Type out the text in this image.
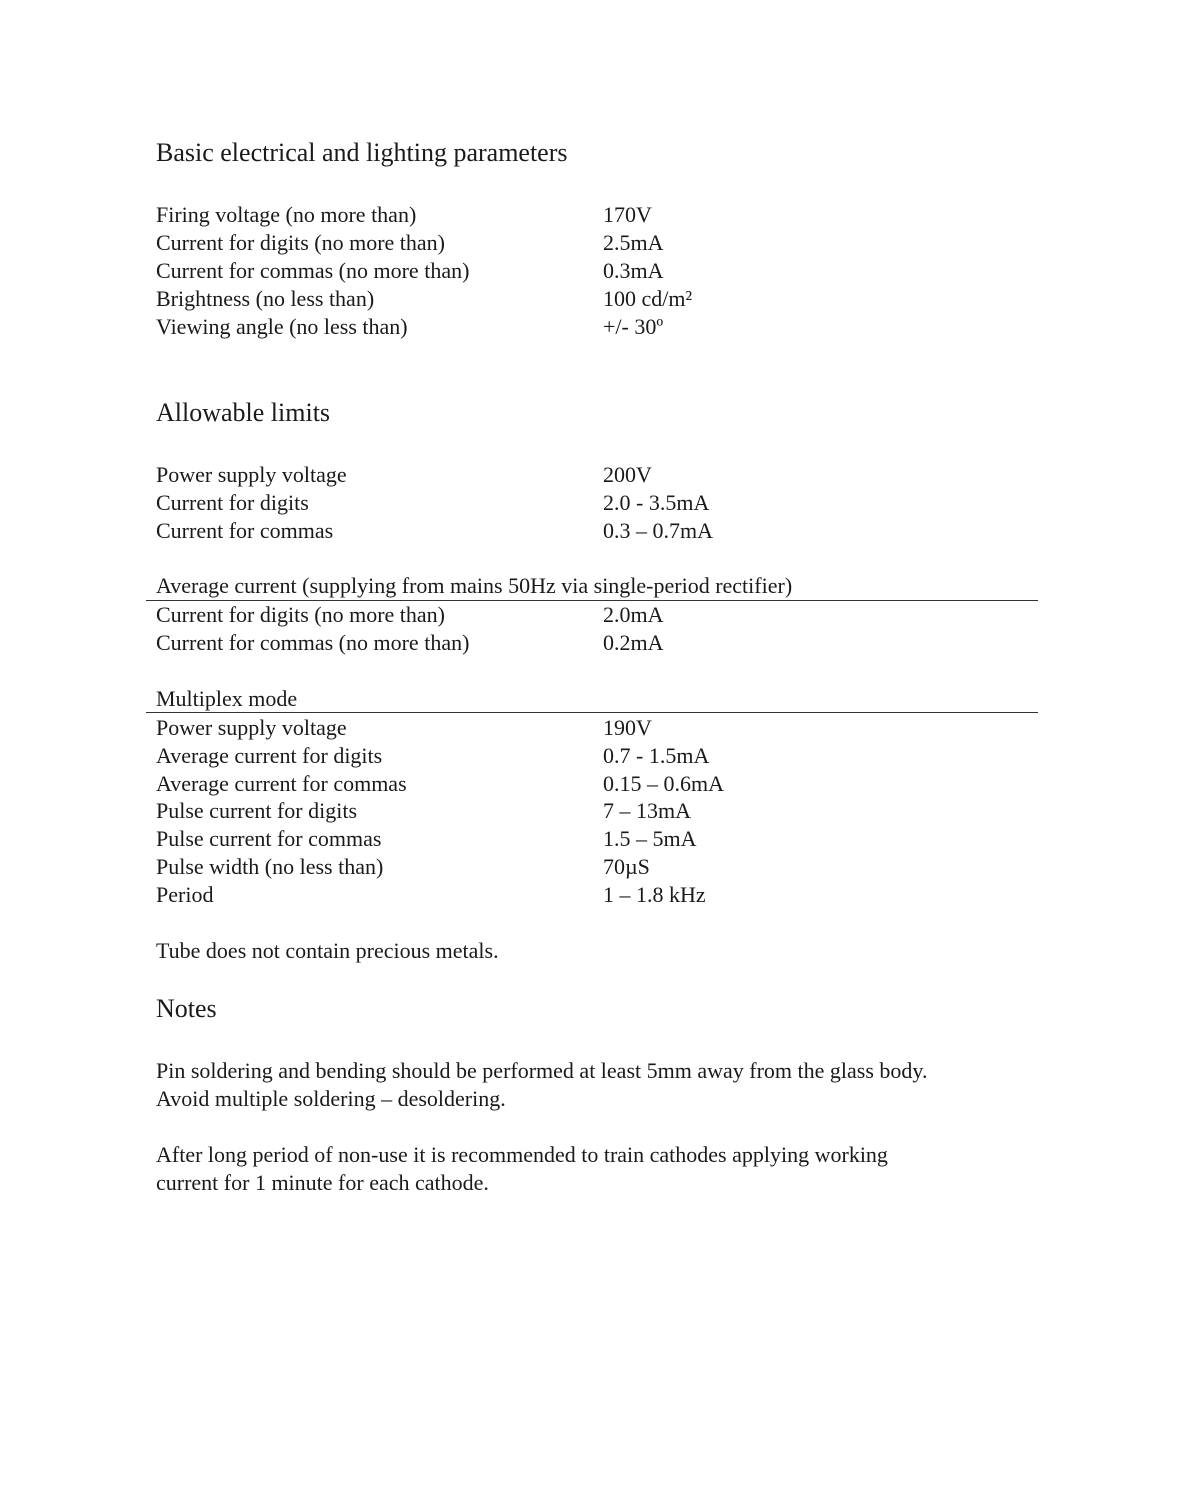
Basic electrical and lighting parameters
Firing voltage (no more than)	170V
Current for digits (no more than)	2.5mA
Current for commas (no more than)	0.3mA
Brightness (no less than)	100 cd/m²
Viewing angle (no less than)	+/- 30º
Allowable limits
Power supply voltage	200V
Current for digits	2.0 - 3.5mA
Current for commas	0.3 – 0.7mA
Average current (supplying from mains 50Hz via single-period rectifier)
Current for digits (no more than)	2.0mA
Current for commas (no more than)	0.2mA
Multiplex mode
Power supply voltage	190V
Average current for digits	0.7 - 1.5mA
Average current for commas	0.15 – 0.6mA
Pulse current for digits	7 – 13mA
Pulse current for commas	1.5 – 5mA
Pulse width (no less than)	70µS
Period	1 – 1.8 kHz
Tube does not contain precious metals.
Notes
Pin soldering and bending should be performed at least 5mm away from the glass body.
Avoid multiple soldering – desoldering.
After long period of non-use it is recommended to train cathodes applying working
current for 1 minute for each cathode.
